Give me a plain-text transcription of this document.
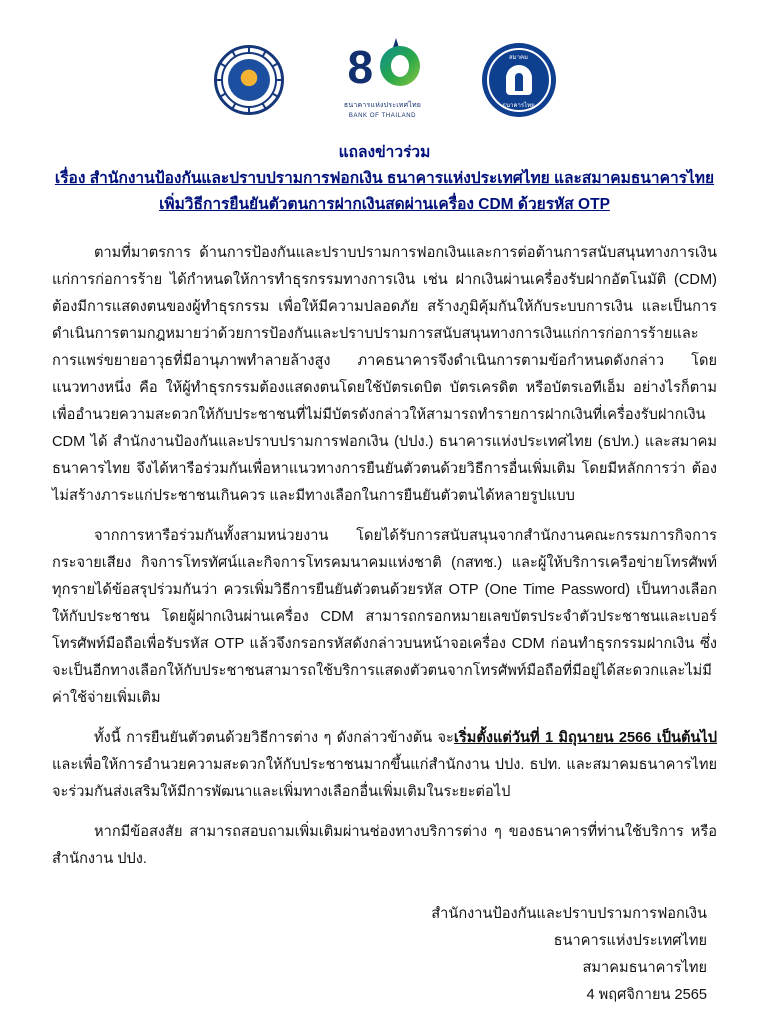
8
ธนาคารแห่งประเทศไทย
BANK OF THAILAND
สมาคม
ธนาคารไทย
แถลงข่าวร่วม
เรื่อง สำนักงานป้องกันและปราบปรามการฟอกเงิน ธนาคารแห่งประเทศไทย และสมาคมธนาคารไทย
เพิ่มวิธีการยืนยันตัวตนการฝากเงินสดผ่านเครื่อง CDM ด้วยรหัส OTP

ตามที่มาตรการ ด้านการป้องกันและปราบปรามการฟอกเงินและการต่อต้านการสนับสนุนทางการเงินแก่การก่อการร้าย ได้กำหนดให้การทำธุรกรรมทางการเงิน เช่น ฝากเงินผ่านเครื่องรับฝากอัตโนมัติ (CDM) ต้องมีการแสดงตนของผู้ทำธุรกรรม เพื่อให้มีความปลอดภัย สร้างภูมิคุ้มกันให้กับระบบการเงิน และเป็นการดำเนินการตามกฎหมายว่าด้วยการป้องกันและปราบปรามการสนับสนุนทางการเงินแก่การก่อการร้ายและการแพร่ขยายอาวุธที่มีอานุภาพทำลายล้างสูง ภาคธนาคารจึงดำเนินการตามข้อกำหนดดังกล่าว โดยแนวทางหนึ่ง คือ ให้ผู้ทำธุรกรรมต้องแสดงตนโดยใช้บัตรเดบิต บัตรเครดิต หรือบัตรเอทีเอ็ม อย่างไรก็ตาม เพื่ออำนวยความสะดวกให้กับประชาชนที่ไม่มีบัตรดังกล่าวให้สามารถทำรายการฝากเงินที่เครื่องรับฝากเงิน CDM ได้ สำนักงานป้องกันและปราบปรามการฟอกเงิน (ปปง.) ธนาคารแห่งประเทศไทย (ธปท.) และสมาคมธนาคารไทย จึงได้หารือร่วมกันเพื่อหาแนวทางการยืนยันตัวตนด้วยวิธีการอื่นเพิ่มเติม โดยมีหลักการว่า ต้องไม่สร้างภาระแก่ประชาชนเกินควร และมีทางเลือกในการยืนยันตัวตนได้หลายรูปแบบ

จากการหารือร่วมกันทั้งสามหน่วยงาน โดยได้รับการสนับสนุนจากสำนักงานคณะกรรมการกิจการกระจายเสียง กิจการโทรทัศน์และกิจการโทรคมนาคมแห่งชาติ (กสทช.) และผู้ให้บริการเครือข่ายโทรศัพท์ทุกรายได้ข้อสรุปร่วมกันว่า ควรเพิ่มวิธีการยืนยันตัวตนด้วยรหัส OTP (One Time Password) เป็นทางเลือกให้กับประชาชน โดยผู้ฝากเงินผ่านเครื่อง CDM สามารถกรอกหมายเลขบัตรประจำตัวประชาชนและเบอร์โทรศัพท์มือถือเพื่อรับรหัส OTP แล้วจึงกรอกรหัสดังกล่าวบนหน้าจอเครื่อง CDM ก่อนทำธุรกรรมฝากเงิน ซึ่งจะเป็นอีกทางเลือกให้กับประชาชนสามารถใช้บริการแสดงตัวตนจากโทรศัพท์มือถือที่มีอยู่ได้สะดวกและไม่มีค่าใช้จ่ายเพิ่มเติม

ทั้งนี้ การยืนยันตัวตนด้วยวิธีการต่าง ๆ ดังกล่าวข้างต้น จะเริ่มตั้งแต่วันที่ 1 มิถุนายน 2566 เป็นต้นไป และเพื่อให้การอำนวยความสะดวกให้กับประชาชนมากขึ้นแก่สำนักงาน ปปง. ธปท. และสมาคมธนาคารไทย จะร่วมกันส่งเสริมให้มีการพัฒนาและเพิ่มทางเลือกอื่นเพิ่มเติมในระยะต่อไป

หากมีข้อสงสัย สามารถสอบถามเพิ่มเติมผ่านช่องทางบริการต่าง ๆ ของธนาคารที่ท่านใช้บริการ หรือสำนักงาน ปปง.

สำนักงานป้องกันและปราบปรามการฟอกเงิน
ธนาคารแห่งประเทศไทย
สมาคมธนาคารไทย
4 พฤศจิกายน 2565
